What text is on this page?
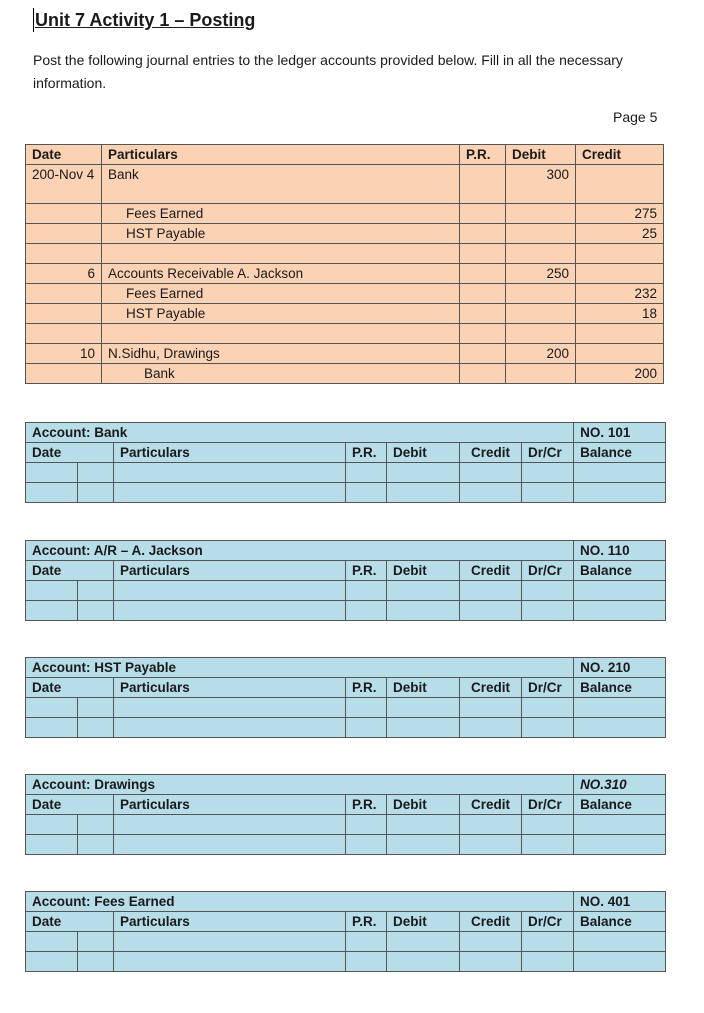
Unit 7 Activity 1 – Posting
Post the following journal entries to the ledger accounts provided below. Fill in all the necessary information.
Page 5
Date	Particulars	P.R.	Debit	Credit
200-Nov 4	Bank		300	
	Fees Earned			275
	HST Payable			25

6	Accounts Receivable A. Jackson		250	
	Fees Earned			232
	HST Payable			18

10	N.Sidhu, Drawings		200	
	Bank			200
Account: Bank							NO. 101
Date		Particulars	P.R.	Debit	Credit	Dr/Cr	Balance

Account: A/R – A. Jackson							NO. 110
Date		Particulars	P.R.	Debit	Credit	Dr/Cr	Balance

Account: HST Payable							NO. 210
Date		Particulars	P.R.	Debit	Credit	Dr/Cr	Balance

Account: Drawings							NO.310
Date		Particulars	P.R.	Debit	Credit	Dr/Cr	Balance

Account: Fees Earned							NO. 401
Date		Particulars	P.R.	Debit	Credit	Dr/Cr	Balance
